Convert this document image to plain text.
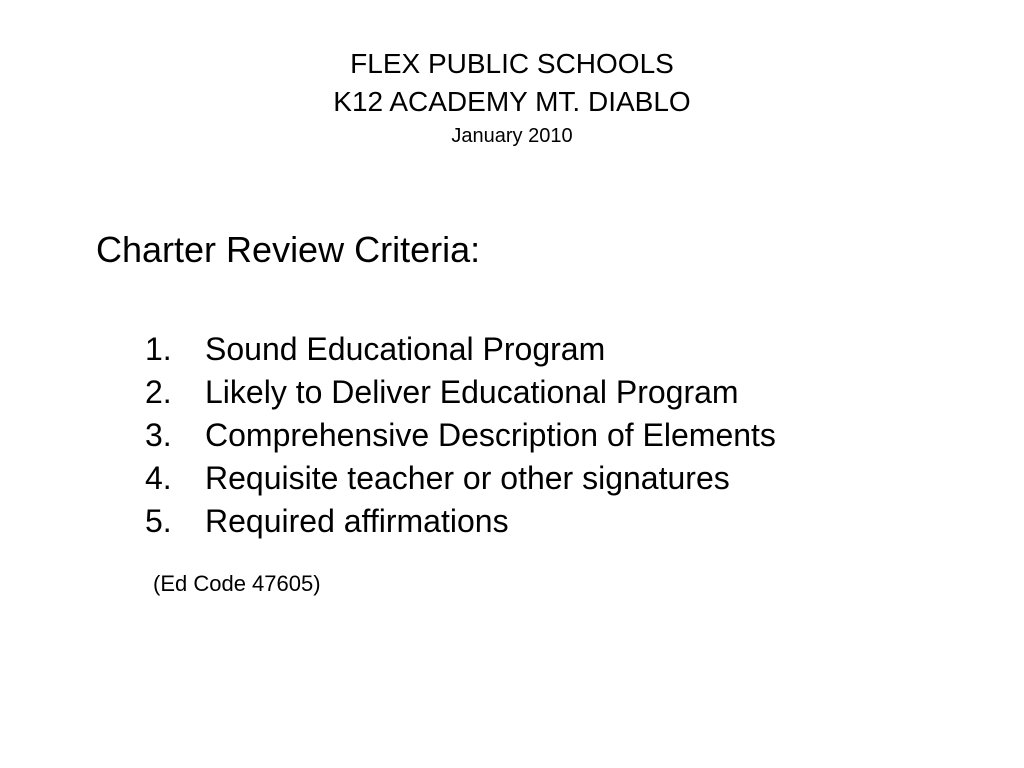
FLEX PUBLIC SCHOOLS
K12 ACADEMY MT. DIABLO
January 2010
Charter Review Criteria:
1.	Sound Educational Program
2.	Likely to Deliver Educational Program
3.	Comprehensive Description of Elements
4.	Requisite teacher or other signatures
5.	Required affirmations
(Ed Code 47605)
